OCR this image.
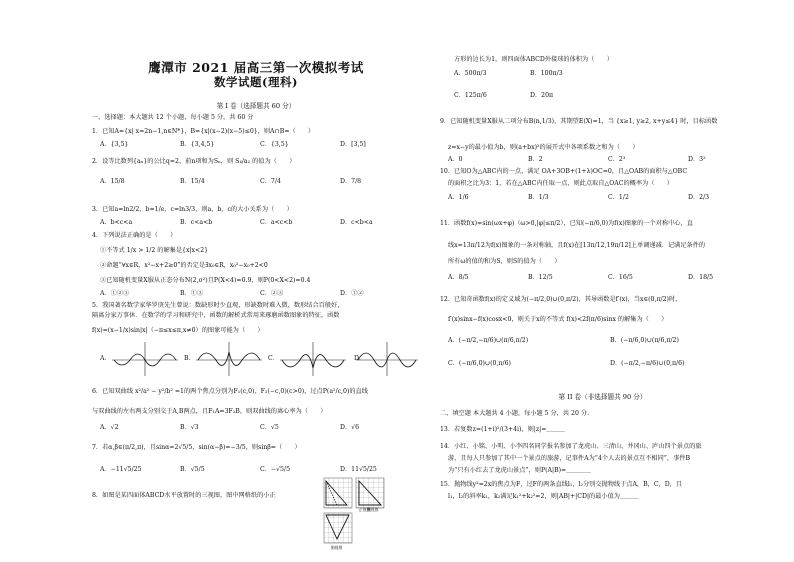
鹰潭市 2021 届高三第一次模拟考试
数学试题(理科)
第 I 卷（选择题共 60 分）
一、选择题：本大题共 12 个小题，每小题 5 分，共 60 分
1．已知A={x| x=2n−1,n∈N*}，B={x|(x−2)(x−5)≤0}，则A∩B=（　　）
A．{3,5}	B．{3,4,5}	C．{3,5}	D．[3,5]
2．设等比数列{aₙ}的公比q=2，前n项和为Sₙ，则 S₄/a₂ 的值为（　　）
A．15/8	B．15/4	C．7/4	D．7/8
3．已知a=ln2/2，b=1/e，c=ln3/3，则a，b，c的大小关系为（　　）
A．b<c<a	B．c<a<b	C．a<c<b	D．c<b<a
4．下列说法正确的是（　　）
①不等式 1/x > 1/2 的解集是{x|x<2}
②命题“∀x∈R，x²−x+2≥0”的否定是∃x₀∈R，x₀²−x₀+2<0
③已知随机变量X服从正态分布N(2,σ²)且P(X<4)=0.9，则P(0<X<2)=0.4
A．①②③	B．①③	C．②③	D．①②
5．我国著名数学家华罗庚先生曾说：数缺形时少直观，形缺数时难入微，数形结合百般好，
隔离分家万事休．在数学的学习和研究中，函数的解析式常用来琢磨函数图象的特征，函数
f(x)=(x−1/x)sin|x|（−π≤x≤π,x≠0）的图象可能为（　　）
A．	B．	C．	D．
6．已知双曲线 x²/a² − y²/b² =1的两个焦点分别为F₁(c,0)、F₂(−c,0)(c>0)，过点P(a²/c,0)的直线
与双曲线的左右两支分别交于A,B两点，且F₁A=3F₂B，则双曲线的离心率为（　　）
A．√2	B．√3	C．√5	D．√6
7．若α,β∈(π/2,π)，且sinα=2√5/5，sin(α−β)=−3/5，则sinβ=（　　）
A．−11√5/25	B．√5/5	C．−√5/5	D．11√5/25
8．如图是某四面体ABCD水平放置时的三视图，图中网格纸的小正
正视图
侧视图
俯视图
方形的边长为1，则四面体ABCD外接球的体积为（　　）
A．500π/3	B．100π/3
C．125π/6	D．20π
9．已知随机变量X服从二项分布B(n,1/3)，其期望E(X)=1，当 {x≥1, y≥2, x+y≤4} 时，目标函数
z=x−y的最小值为b，则(a+bx)²的展开式中各项系数之和为（　　）
A．0	B．2	C．2³	D．3²
10．已知O为△ABC内的一点，满足 OA+3OB+(1+λ)OC=0，且△OAB的面积与△OBC
的面积之比为3：1，若在△ABC内任取一点，则此点取自△OAC的概率为（　　）
A．1/6	B．1/3	C．1/2	D．2/3
11．函数f(x)=sin(ωx+φ)（ω>0,|φ|≤π/2），已知(−π/6,0)为f(x)图象的一个对称中心，直
线x=13π/12为f(x)图象的一条对称轴，且f(x)在[13π/12,19π/12]上单调递减．记满足条件的
所有ω的值的和为S，则S的值为（　　）
A．8/5	B．12/5	C．16/5	D．18/5
12．已知奇函数f(x)的定义域为(−π/2,0)∪(0,π/2)，其导函数是f′(x)，当x∈(0,π/2)时，
f′(x)sinx−f(x)cosx<0，则关于x的不等式 f(x)<2f(π/6)sinx 的解集为（　　）
A．(−π/2,−π/6)∪(π/6,π/2)	B．(−π/6,0)∪(π/6,π/2)
C．(−π/6,0)∪(0,π/6)	D．(−π/2,−π/6)∪(0,π/6)
第 II 卷（非选择题共 90 分）
二、填空题 本大题共 4 小题，每小题 5 分，共 20 分．
13．若复数z=(1+i)²/(3+4i)，则|z|=＿＿＿
14．小红、小铭、小明、小李四名同学报名参加了龙虎山、三清山、井冈山、庐山四个景点的旅
游，且每人只参加了其中一个景点的旅游，记事件A为“4个人去的景点互不相同”，事件B
为“只有小红去了龙虎山景点”，则P(A|B)=＿＿＿＿
15．抛物线y²=2x的焦点为F，过F的两条直线l₁，l₂分别交抛物线于点A，B，C，D，且
l₁，l₂的斜率k₁，k₂满足k₁²+k₂²=2，则|AB|+|CD|的最小值为＿＿＿
